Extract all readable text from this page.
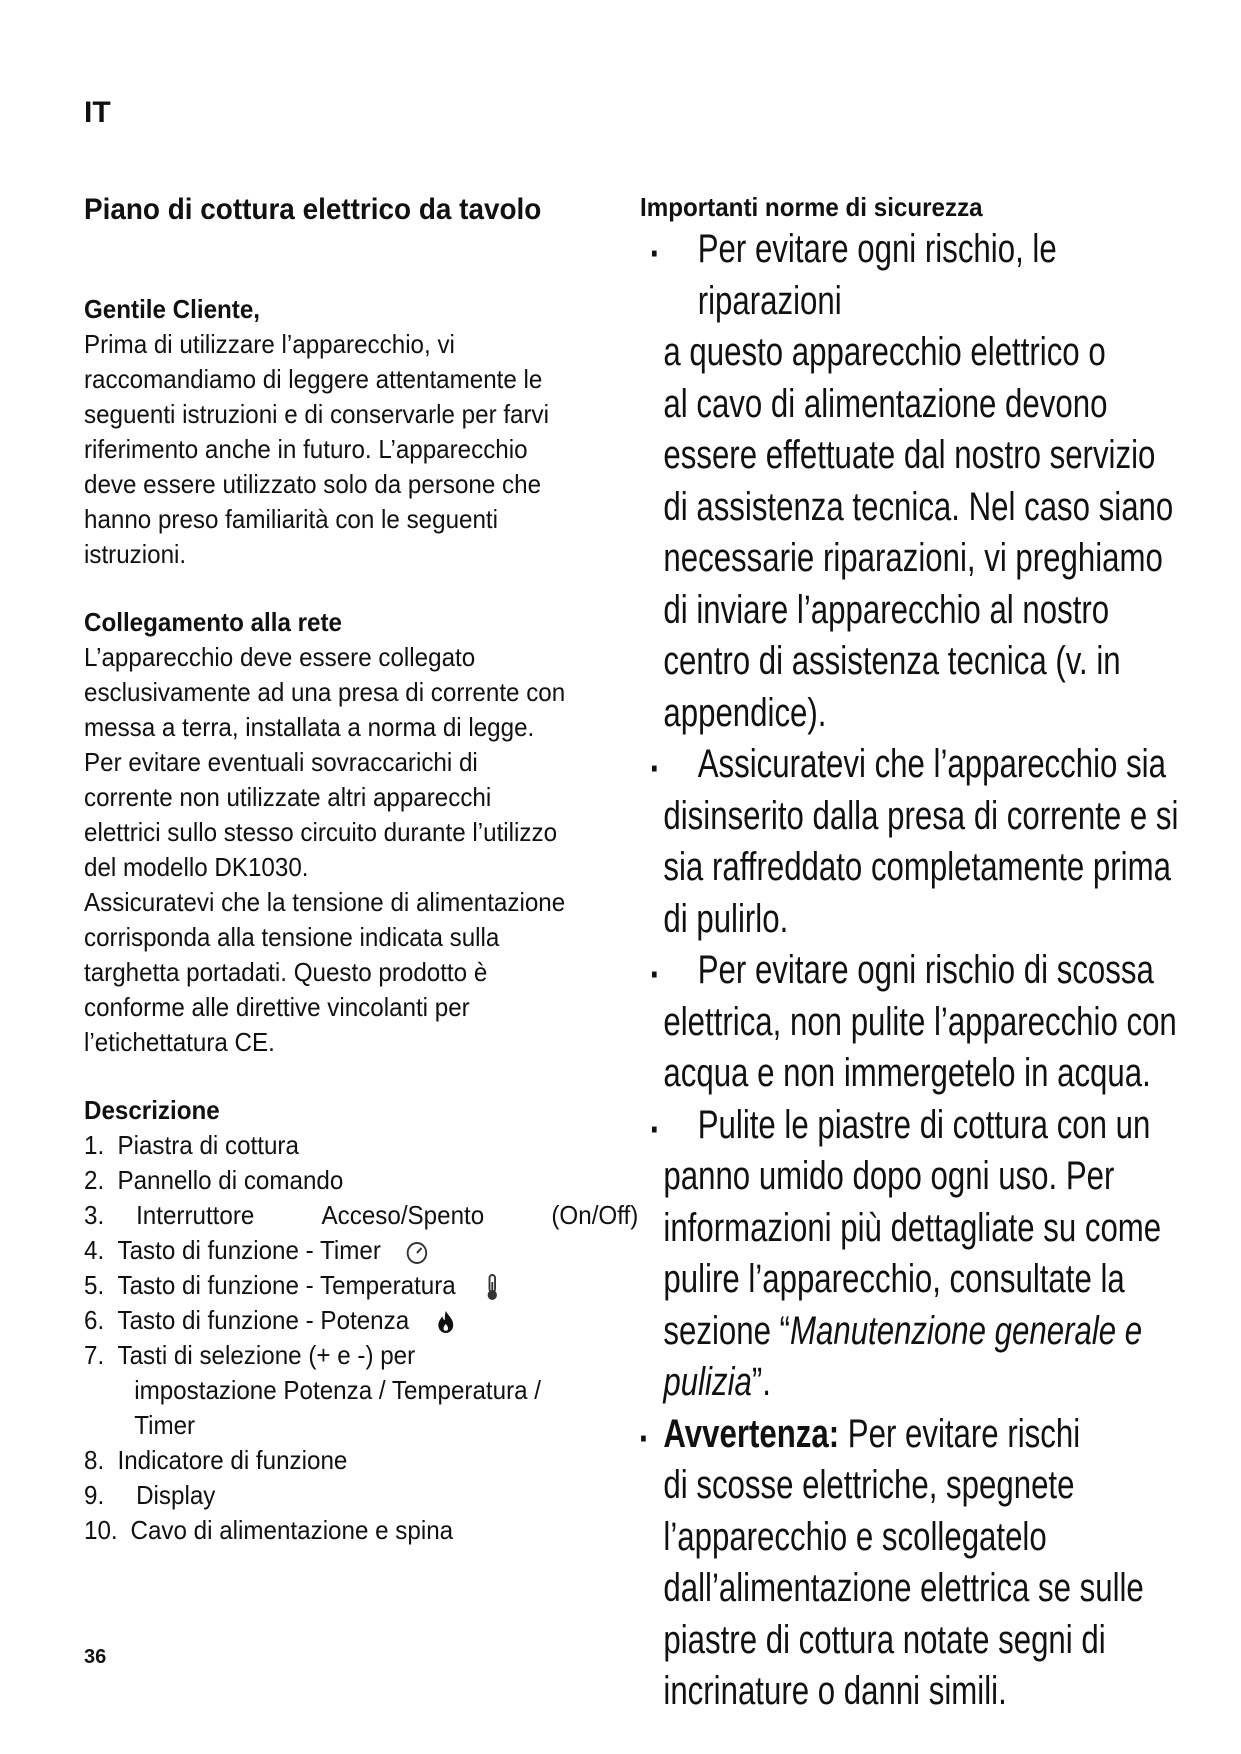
IT
Piano di cottura elettrico da tavolo

Gentile Cliente,

Prima di utilizzare l’apparecchio, vi

raccomandiamo di leggere attentamente le

seguenti istruzioni e di conservarle per farvi

riferimento anche in futuro. L’apparecchio

deve essere utilizzato solo da persone che

hanno preso familiarità con le seguenti

istruzioni.

Collegamento alla rete

L’apparecchio deve essere collegato

esclusivamente ad una presa di corrente con

messa a terra, installata a norma di legge.

Per evitare eventuali sovraccarichi di

corrente non utilizzate altri apparecchi

elettrici sullo stesso circuito durante l’utilizzo

del modello DK1030.

Assicuratevi che la tensione di alimentazione

corrisponda alla tensione indicata sulla

targhetta portadati. Questo prodotto è

conforme alle direttive vincolanti per

l’etichettatura CE.

Descrizione

1. Piastra di cottura
2. Pannello di comando
3. Interruttore	Acceso/Spento	(On/Off)
4. Tasto di funzione - Timer
5. Tasto di funzione - Temperatura
6. Tasto di funzione - Potenza
7. Tasti di selezione (+ e -) per
impostazione Potenza / Temperatura /
Timer
8. Indicatore di funzione
9. Display
10. Cavo di alimentazione e spina

Importanti norme di sicurezza

▪	Per evitare ogni rischio, le riparazioni
a questo apparecchio elettrico o
al cavo di alimentazione devono
essere effettuate dal nostro servizio
di assistenza tecnica. Nel caso siano
necessarie riparazioni, vi preghiamo
di inviare l’apparecchio al nostro
centro di assistenza tecnica (v. in
appendice).
▪	Assicuratevi che l’apparecchio sia
disinserito dalla presa di corrente e si
sia raffreddato completamente prima
di pulirlo.
▪	Per evitare ogni rischio di scossa
elettrica, non pulite l’apparecchio con
acqua e non immergetelo in acqua.
▪	Pulite le piastre di cottura con un
panno umido dopo ogni uso. Per
informazioni più dettagliate su come
pulire l’apparecchio, consultate la
sezione “Manutenzione generale e
pulizia”.
▪ Avvertenza: Per evitare rischi
di scosse elettriche, spegnete
l’apparecchio e scollegatelo
dall’alimentazione elettrica se sulle
piastre di cottura notate segni di
incrinature o danni simili.
36
